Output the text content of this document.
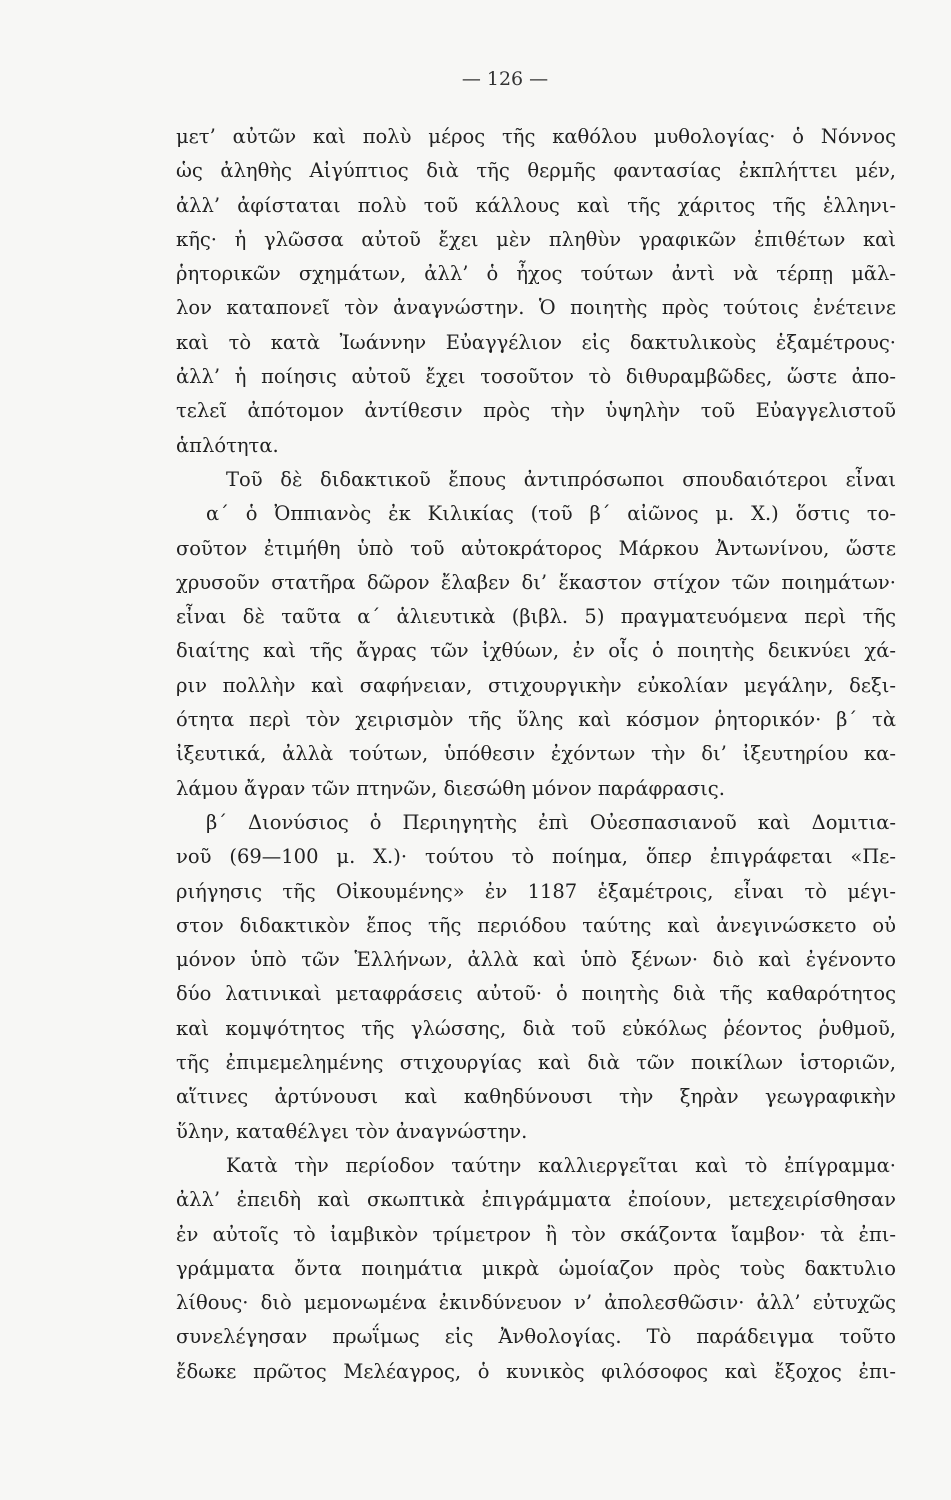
— 126 —
μετ’ αὐτῶν καὶ πολὺ μέρος τῆς καθόλου μυθολογίας· ὁ Νόννος
ὡς ἀληθὴς Αἰγύπτιος διὰ τῆς θερμῆς φαντασίας ἐκπλήττει μέν,
ἀλλ’ ἀφίσταται πολὺ τοῦ κάλλους καὶ τῆς χάριτος τῆς ἑλληνι-
κῆς· ἡ γλῶσσα αὐτοῦ ἔχει μὲν πληθὺν γραφικῶν ἐπιθέτων καὶ
ῥητορικῶν σχημάτων, ἀλλ’ ὁ ἦχος τούτων ἀντὶ νὰ τέρπῃ μᾶλ-
λον καταπονεῖ τὸν ἀναγνώστην. Ὁ ποιητὴς πρὸς τούτοις ἐνέτεινε
καὶ τὸ κατὰ Ἰωάννην Εὐαγγέλιον εἰς δακτυλικοὺς ἑξαμέτρους·
ἀλλ’ ἡ ποίησις αὐτοῦ ἔχει τοσοῦτον τὸ διθυραμβῶδες, ὥστε ἀπο-
τελεῖ ἀπότομον ἀντίθεσιν πρὸς τὴν ὑψηλὴν τοῦ Εὐαγγελιστοῦ
ἁπλότητα.
Τοῦ δὲ διδακτικοῦ ἔπους ἀντιπρόσωποι σπουδαιότεροι εἶναι
α΄ ὁ Ὀππιανὸς ἐκ Κιλικίας (τοῦ β΄ αἰῶνος μ. Χ.) ὅστις το-
σοῦτον ἐτιμήθη ὑπὸ τοῦ αὐτοκράτορος Μάρκου Ἀντωνίνου, ὥστε
χρυσοῦν στατῆρα δῶρον ἔλαβεν δι’ ἕκαστον στίχον τῶν ποιημάτων·
εἶναι δὲ ταῦτα α΄ ἁλιευτικὰ (βιβλ. 5) πραγματευόμενα περὶ τῆς
διαίτης καὶ τῆς ἄγρας τῶν ἰχθύων, ἐν οἷς ὁ ποιητὴς δεικνύει χά-
ριν πολλὴν καὶ σαφήνειαν, στιχουργικὴν εὐκολίαν μεγάλην, δεξι-
ότητα περὶ τὸν χειρισμὸν τῆς ὕλης καὶ κόσμον ῥητορικόν· β΄ τὰ
ἰξευτικά, ἀλλὰ τούτων, ὑπόθεσιν ἐχόντων τὴν δι’ ἰξευτηρίου κα-
λάμου ἄγραν τῶν πτηνῶν, διεσώθη μόνον παράφρασις.
β΄ Διονύσιος ὁ Περιηγητὴς ἐπὶ Οὐεσπασιανοῦ καὶ Δομιτια-
νοῦ (69—100 μ. Χ.)· τούτου τὸ ποίημα, ὅπερ ἐπιγράφεται «Πε-
ριήγησις τῆς Οἰκουμένης» ἐν 1187 ἑξαμέτροις, εἶναι τὸ μέγι-
στον διδακτικὸν ἔπος τῆς περιόδου ταύτης καὶ ἀνεγινώσκετο οὐ
μόνον ὑπὸ τῶν Ἑλλήνων, ἀλλὰ καὶ ὑπὸ ξένων· διὸ καὶ ἐγένοντο
δύο λατινικαὶ μεταφράσεις αὐτοῦ· ὁ ποιητὴς διὰ τῆς καθαρότητος
καὶ κομψότητος τῆς γλώσσης, διὰ τοῦ εὐκόλως ῥέοντος ῥυθμοῦ,
τῆς ἐπιμεμελημένης στιχουργίας καὶ διὰ τῶν ποικίλων ἱστοριῶν,
αἵτινες ἀρτύνουσι καὶ καθηδύνουσι τὴν ξηρὰν γεωγραφικὴν
ὕλην, καταθέλγει τὸν ἀναγνώστην.
Κατὰ τὴν περίοδον ταύτην καλλιεργεῖται καὶ τὸ ἐπίγραμμα·
ἀλλ’ ἐπειδὴ καὶ σκωπτικὰ ἐπιγράμματα ἐποίουν, μετεχειρίσθησαν
ἐν αὐτοῖς τὸ ἰαμβικὸν τρίμετρον ἢ τὸν σκάζοντα ἴαμβον· τὰ ἐπι-
γράμματα ὄντα ποιημάτια μικρὰ ὡμοίαζον πρὸς τοὺς δακτυλιο
λίθους· διὸ μεμονωμένα ἐκινδύνευον ν’ ἀπολεσθῶσιν· ἀλλ’ εὐτυχῶς
συνελέγησαν πρωΐμως εἰς Ἀνθολογίας. Τὸ παράδειγμα τοῦτο
ἔδωκε πρῶτος Μελέαγρος, ὁ κυνικὸς φιλόσοφος καὶ ἔξοχος ἐπι-
